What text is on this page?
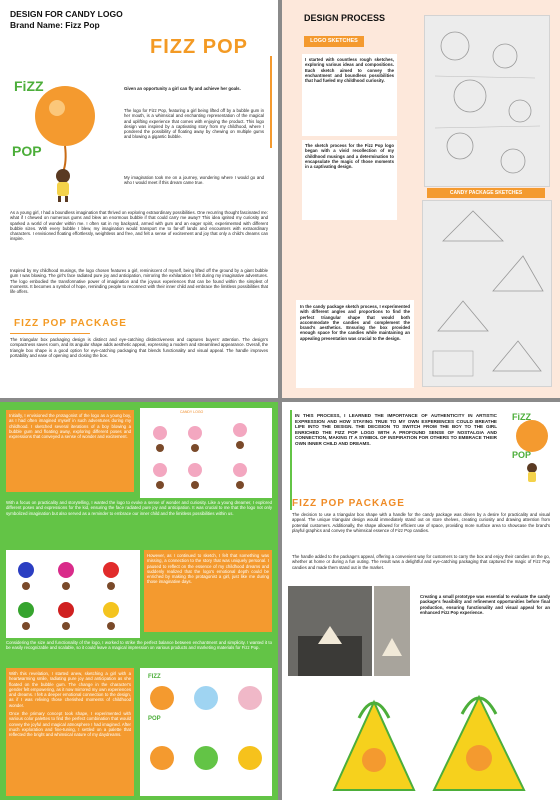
DESIGN FOR CANDY LOGO
Brand Name: Fizz Pop
FIZZ POP
FiZZ
POP
Given an opportunity a girl can fly and achieve her goals.
The logo for Fizz Pop, featuring a girl being lifted off by a bubble gum in her mouth, is a whimsical and enchanting representation of the magical and uplifting experience that comes with enjoying the product. This logo design was inspired by a captivating story from my childhood, where I pondered the possibility of floating away by chewing on multiple gums and blowing a gigantic bubble.
My imagination took me on a journey, wondering where I would go and who I would meet if this dream came true.
As a young girl, I had a boundless imagination that thrived on exploring extraordinary possibilities. One recurring thought fascinated me: what if I chewed on numerous gums and blew an enormous bubble if that could carry me away? This idea ignited my curiosity and sparked a world of wonder within me. I often sat in my backyard, armed with gum and an eager spirit, experimented with different bubble sizes. With every bubble I blew, my imagination would transport me to far-off lands and encounters with extraordinary characters. I envisioned floating effortlessly, weightless and free, and felt a sense of excitement and joy that only a child's dreams can inspire.
Inspired by my childhood musings, the logo chosen features a girl, reminiscent of myself, being lifted off the ground by a giant bubble gum I was blowing. The girl's face radiated pure joy and anticipation, mirroring the exhilaration I felt during my imaginative adventures. The logo embodied the transformative power of imagination and the joyous experiences that can be found within the simplest of moments. It becomes a symbol of hope, reminding people to reconnect with their inner child and embrace the limitless possibilities that life offers.
FIZZ POP PACKAGE
The triangular box packaging design is distinct and eye-catching distinctiveness and captures buyers' attention. The design's compactness saves room, and its angular shape adds aesthetic appeal, expressing a modern and streamlined appearance. Overall, the triangle box shape is a good option for eye-catching packaging that blends functionality and visual appeal. The handle improves portability and ease of opening and closing the box.
DESIGN PROCESS
LOGO SKETCHES
I started with countless rough sketches, exploring various ideas and compositions. Each sketch aimed to convey the enchantment and boundless possibilities that had fueled my childhood curiosity.
The sketch process for the Fizz Pop logo began with a vivid recollection of my childhood musings and a determination to encapsulate the magic of those moments in a captivating design.
CANDY PACKAGE SKETCHES
In the candy package sketch process, I experimented with different angles and proportions to find the perfect triangular shape that would both accommodate the candies and complement the brand's aesthetics. Ensuring the box provided enough space for the candies while maintaining an appealing presentation was crucial to the design.
Initially, I envisioned the protagonist of the logo as a young boy, as I had often imagined myself in such adventures during my childhood. I sketched several iterations of a boy blowing a bubble gum and floating away, exploring different poses and expressions that conveyed a sense of wonder and excitement.
CANDY LOGO
With a focus on practicality and storytelling, I wanted the logo to evoke a sense of wonder and curiosity. Like a young dreamer, I explored different poses and expressions for the kid, ensuring the face radiated pure joy and anticipation. It was crucial to me that the logo not only symbolized imagination but also served as a reminder to embrace our inner child and the limitless possibilities within us.
However, as I continued to sketch, I felt that something was missing, a connection to the story that was uniquely personal. I paused to reflect on the essence of my childhood dreams and suddenly realized that the logo's emotional depth could be enriched by making the protagonist a girl, just like me during those imaginative days.
Considering the size and functionality of the logo, I worked to strike the perfect balance between enchantment and simplicity. I wanted it to be easily recognizable and scalable, so it could leave a magical impression on various products and marketing materials for Fizz Pop.
With this revelation, I started anew, sketching a girl with a heartwarming smile, radiating pure joy and anticipation as she floated on the bubble gum. The change in the character's gender felt empowering, as it now mirrored my own experiences and dreams. I felt a deeper emotional connection to the design, as if I was reliving those cherished moments of childhood wonder.
Once the primary concept took shape, I experimented with various color palettes to find the perfect combination that would convey the joyful and magical atmosphere I had imagined. After much exploration and fine-tuning, I settled on a palette that reflected the bright and whimsical nature of my daydreams.
FIZZ
POP
IN THIS PROCESS, I LEARNED THE IMPORTANCE OF AUTHENTICITY IN ARTISTIC EXPRESSION AND HOW STAYING TRUE TO MY OWN EXPERIENCES COULD BREATHE LIFE INTO THE DESIGN. THE DECISION TO SWITCH FROM THE BOY TO THE GIRL ENRICHED THE FIZZ POP LOGO WITH A PROFOUND SENSE OF NOSTALGIA AND CONNECTION, MAKING IT A SYMBOL OF INSPIRATION FOR OTHERS TO EMBRACE THEIR OWN INNER CHILD AND DREAMS.
FiZZ
POP
FIZZ POP PACKAGE
The decision to use a triangular box shape with a handle for the candy package was driven by a desire for practicality and visual appeal. The unique triangular design would immediately stand out on store shelves, creating curiosity and drawing attention from potential customers. Additionally, the shape allowed for efficient use of space, providing more surface area to showcase the brand's playful graphics and convey the whimsical essence of Fizz Pop candies.
The handle added to the package's appeal, offering a convenient way for customers to carry the box and enjoy their candies on the go, whether at home or during a fun outing. The result was a delightful and eye-catching packaging that captured the magic of Fizz Pop candies and made them stand out in the market.
Creating a small prototype was essential to evaluate the candy package's feasibility and refinement opportunities before final production, ensuring functionality and visual appeal for an enhanced Fizz Pop experience.
